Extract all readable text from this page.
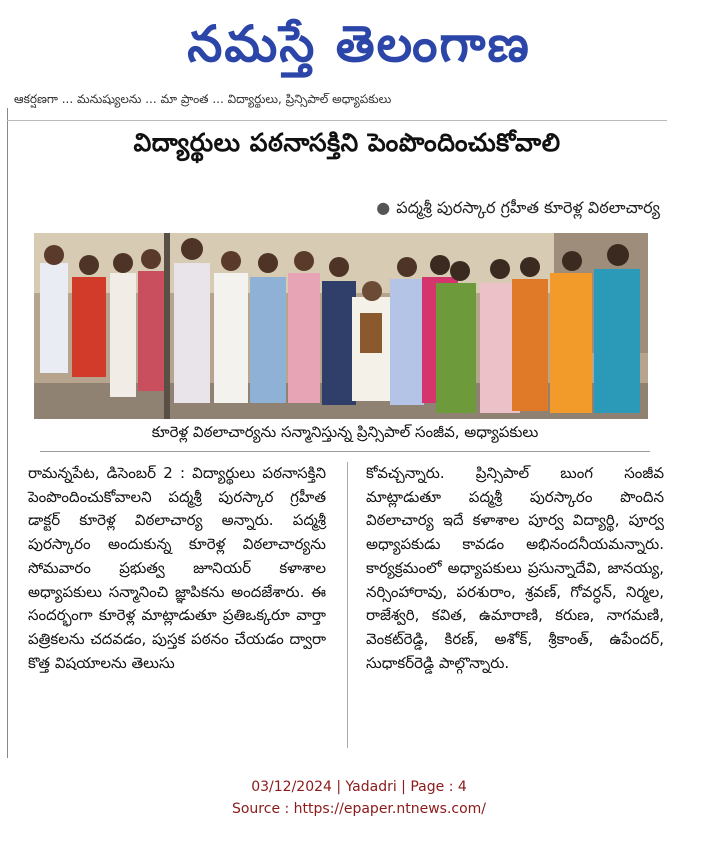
నమస్తే తెలంగాణ
ఆకర్షణగా ... మనుష్యులను ... మా ప్రాంత ... విద్యార్థులు, ప్రిన్సిపాల్ అధ్యాపకులు
విద్యార్థులు పఠనాసక్తిని పెంపొందించుకోవాలి
● పద్మశ్రీ పురస్కార గ్రహీత కూరెళ్ల విఠలాచార్య
కూరెళ్ల విఠలాచార్యను సన్మానిస్తున్న ప్రిన్సిపాల్ సంజీవ, అధ్యాపకులు
రామన్నపేట, డిసెంబర్ 2 : విద్యార్థులు పఠనాసక్తిని పెంపొందించుకోవాలని పద్మశ్రీ పురస్కార గ్రహీత డాక్టర్ కూరెళ్ల విఠలాచార్య అన్నారు. పద్మశ్రీ పురస్కారం అందుకున్న కూరెళ్ల విఠలాచార్యను సోమవారం ప్రభుత్వ జూనియర్ కళాశాల అధ్యాపకులు సన్మానించి జ్ఞాపికను అందజేశారు. ఈ సందర్భంగా కూరెళ్ల మాట్లాడుతూ ప్రతిఒక్కరూ వార్తా పత్రికలను చదవడం, పుస్తక పఠనం చేయడం ద్వారా కొత్త విషయాలను తెలుసు
కోవచ్చన్నారు. ప్రిన్సిపాల్ బుంగ సంజీవ మాట్లాడుతూ పద్మశ్రీ పురస్కారం పొందిన విఠలాచార్య ఇదే కళాశాల పూర్వ విద్యార్థి, పూర్వ అధ్యాపకుడు కావడం అభినందనీయమన్నారు. కార్యక్రమంలో అధ్యాపకులు ప్రసున్నాదేవి, జానయ్య, నర్సింహారావు, పరశురాం, శ్రవణ్, గోవర్ధన్, నిర్మల, రాజేశ్వరి, కవిత, ఉమారాణి, కరుణ, నాగమణి, వెంకట్‌రెడ్డి, కిరణ్, అశోక్, శ్రీకాంత్, ఉపేందర్, సుధాకర్‌రెడ్డి పాల్గొన్నారు.
03/12/2024 | Yadadri | Page : 4
Source : https://epaper.ntnews.com/
